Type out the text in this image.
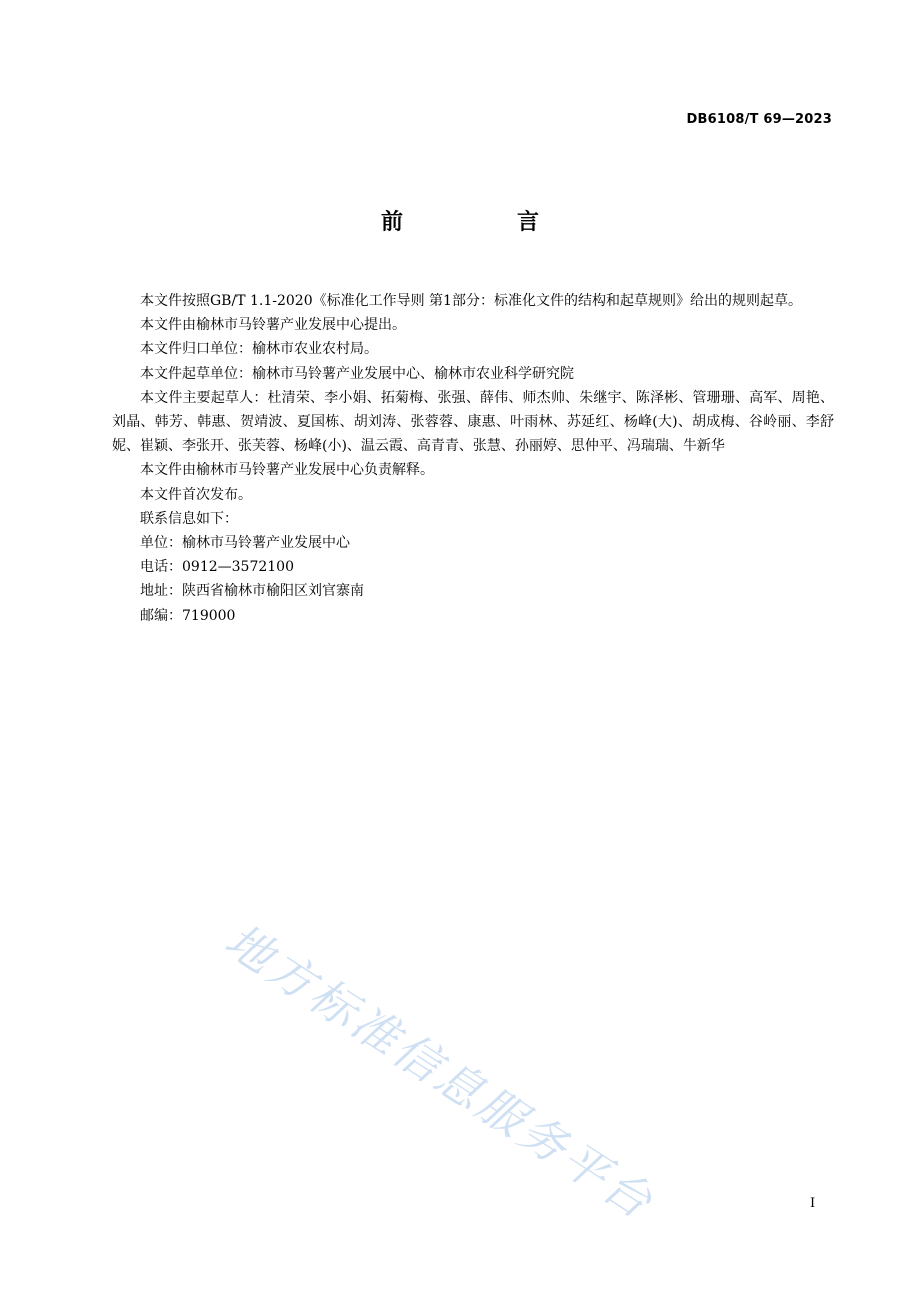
DB6108/T 69—2023
前　言

本文件按照GB/T 1.1-2020《标准化工作导则 第1部分：标准化文件的结构和起草规则》给出的规则起草。

本文件由榆林市马铃薯产业发展中心提出。

本文件归口单位：榆林市农业农村局。

本文件起草单位：榆林市马铃薯产业发展中心、榆林市农业科学研究院

本文件主要起草人：杜清荣、李小娟、拓菊梅、张强、薛伟、师杰帅、朱继宇、陈泽彬、管珊珊、高军、周艳、刘晶、韩芳、韩惠、贺靖波、夏国栋、胡刘涛、张蓉蓉、康惠、叶雨林、苏延红、杨峰(大)、胡成梅、谷岭丽、李舒妮、崔颖、李张开、张芙蓉、杨峰(小)、温云霞、高青青、张慧、孙丽婷、思仲平、冯瑞瑞、牛新华

本文件由榆林市马铃薯产业发展中心负责解释。

本文件首次发布。

联系信息如下：

单位：榆林市马铃薯产业发展中心

电话：0912—3572100

地址：陕西省榆林市榆阳区刘官寨南

邮编：719000

地方标准信息服务平台	I
